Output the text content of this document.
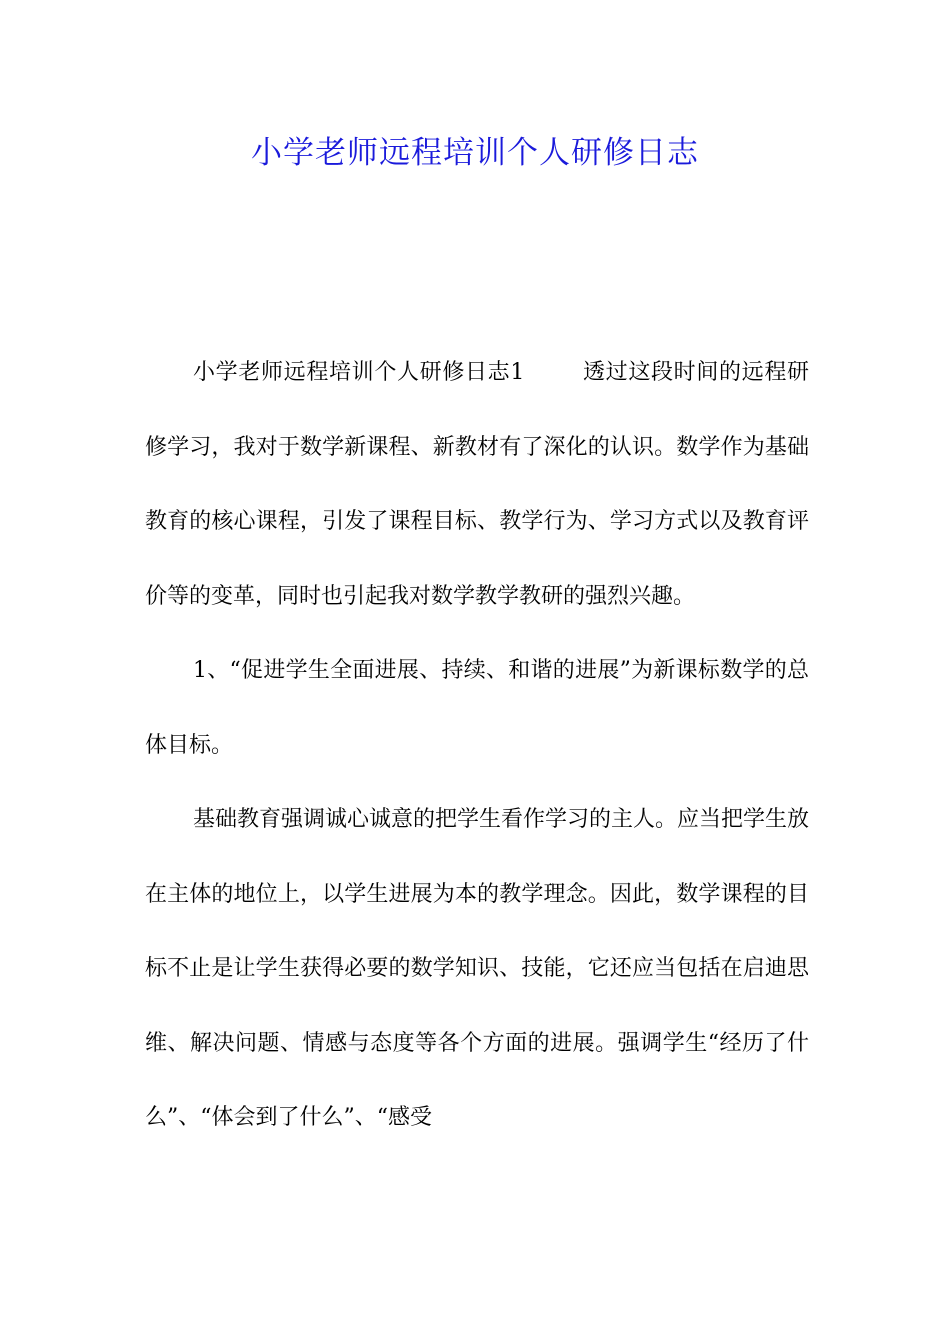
小学老师远程培训个人研修日志

小学老师远程培训个人研修日志1	透过这段时间的远程研修学习，我对于数学新课程、新教材有了深化的认识。数学作为基础教育的核心课程，引发了课程目标、教学行为、学习方式以及教育评价等的变革，同时也引起我对数学教学教研的强烈兴趣。

1、“促进学生全面进展、持续、和谐的进展”为新课标数学的总体目标。

基础教育强调诚心诚意的把学生看作学习的主人。应当把学生放在主体的地位上，以学生进展为本的教学理念。因此，数学课程的目标不止是让学生获得必要的数学知识、技能，它还应当包括在启迪思维、解决问题、情感与态度等各个方面的进展。强调学生“经历了什么”、“体会到了什么”、“感受
